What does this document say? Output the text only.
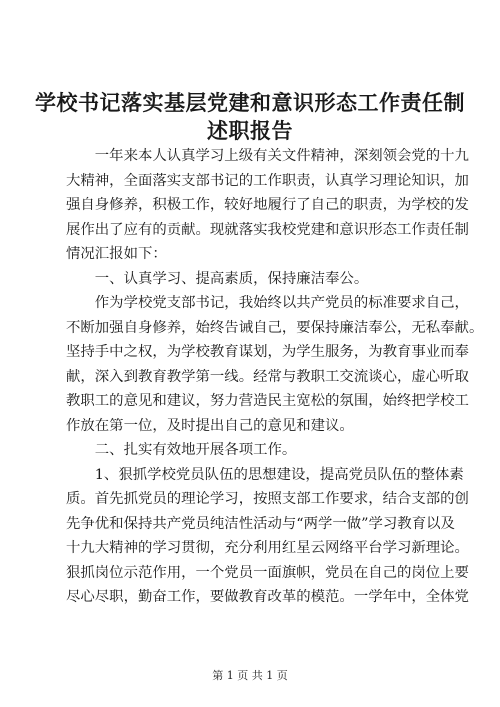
学校书记落实基层党建和意识形态工作责任制
述职报告
　　一年来本人认真学习上级有关文件精神，深刻领会党的十九
大精神，全面落实支部书记的工作职责，认真学习理论知识，加
强自身修养，积极工作，较好地履行了自己的职责，为学校的发
展作出了应有的贡献。现就落实我校党建和意识形态工作责任制
情况汇报如下：
　　一、认真学习、提高素质，保持廉洁奉公。
　　作为学校党支部书记，我始终以共产党员的标准要求自己，
不断加强自身修养，始终告诫自己，要保持廉洁奉公，无私奉献。
坚持手中之权，为学校教育谋划，为学生服务，为教育事业而奉
献，深入到教育教学第一线。经常与教职工交流谈心，虚心听取
教职工的意见和建议，努力营造民主宽松的氛围，始终把学校工
作放在第一位，及时提出自己的意见和建议。
　　二、扎实有效地开展各项工作。
　　1、狠抓学校党员队伍的思想建设，提高党员队伍的整体素
质。首先抓党员的理论学习，按照支部工作要求，结合支部的创
先争优和保持共产党员纯洁性活动与“两学一做”学习教育以及
十九大精神的学习贯彻，充分利用红星云网络平台学习新理论。
狠抓岗位示范作用，一个党员一面旗帜，党员在自己的岗位上要
尽心尽职，勤奋工作，要做教育改革的模范。一学年中，全体党
第 1 页 共 1 页
